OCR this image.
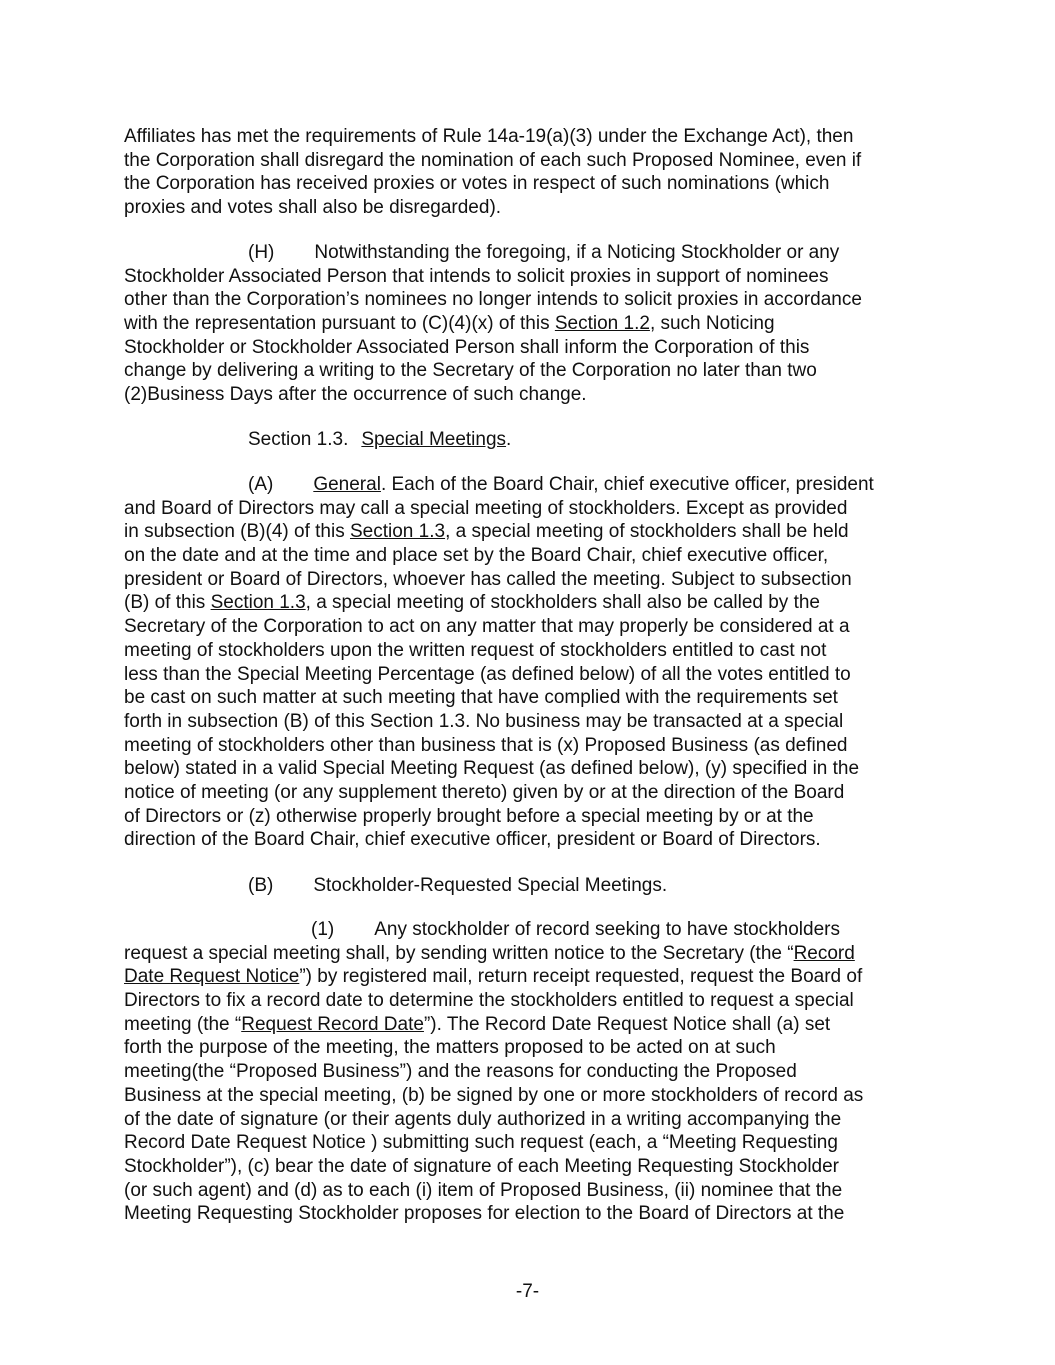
Affiliates has met the requirements of Rule 14a-19(a)(3) under the Exchange Act), then
the Corporation shall disregard the nomination of each such Proposed Nominee, even if
the Corporation has received proxies or votes in respect of such nominations (which
proxies and votes shall also be disregarded).
(H) Notwithstanding the foregoing, if a Noticing Stockholder or any
Stockholder Associated Person that intends to solicit proxies in support of nominees
other than the Corporation’s nominees no longer intends to solicit proxies in accordance
with the representation pursuant to (C)(4)(x) of this Section 1.2, such Noticing
Stockholder or Stockholder Associated Person shall inform the Corporation of this
change by delivering a writing to the Secretary of the Corporation no later than two
(2)Business Days after the occurrence of such change.
Section 1.3. Special Meetings.
(A) General. Each of the Board Chair, chief executive officer, president
and Board of Directors may call a special meeting of stockholders. Except as provided
in subsection (B)(4) of this Section 1.3, a special meeting of stockholders shall be held
on the date and at the time and place set by the Board Chair, chief executive officer,
president or Board of Directors, whoever has called the meeting. Subject to subsection
(B) of this Section 1.3, a special meeting of stockholders shall also be called by the
Secretary of the Corporation to act on any matter that may properly be considered at a
meeting of stockholders upon the written request of stockholders entitled to cast not
less than the Special Meeting Percentage (as defined below) of all the votes entitled to
be cast on such matter at such meeting that have complied with the requirements set
forth in subsection (B) of this Section 1.3. No business may be transacted at a special
meeting of stockholders other than business that is (x) Proposed Business (as defined
below) stated in a valid Special Meeting Request (as defined below), (y) specified in the
notice of meeting (or any supplement thereto) given by or at the direction of the Board
of Directors or (z) otherwise properly brought before a special meeting by or at the
direction of the Board Chair, chief executive officer, president or Board of Directors.
(B) Stockholder-Requested Special Meetings.
(1) Any stockholder of record seeking to have stockholders
request a special meeting shall, by sending written notice to the Secretary (the “Record
Date Request Notice”) by registered mail, return receipt requested, request the Board of
Directors to fix a record date to determine the stockholders entitled to request a special
meeting (the “Request Record Date”). The Record Date Request Notice shall (a) set
forth the purpose of the meeting, the matters proposed to be acted on at such
meeting(the “Proposed Business”) and the reasons for conducting the Proposed
Business at the special meeting, (b) be signed by one or more stockholders of record as
of the date of signature (or their agents duly authorized in a writing accompanying the
Record Date Request Notice ) submitting such request (each, a “Meeting Requesting
Stockholder”), (c) bear the date of signature of each Meeting Requesting Stockholder
(or such agent) and (d) as to each (i) item of Proposed Business, (ii) nominee that the
Meeting Requesting Stockholder proposes for election to the Board of Directors at the
-7-
